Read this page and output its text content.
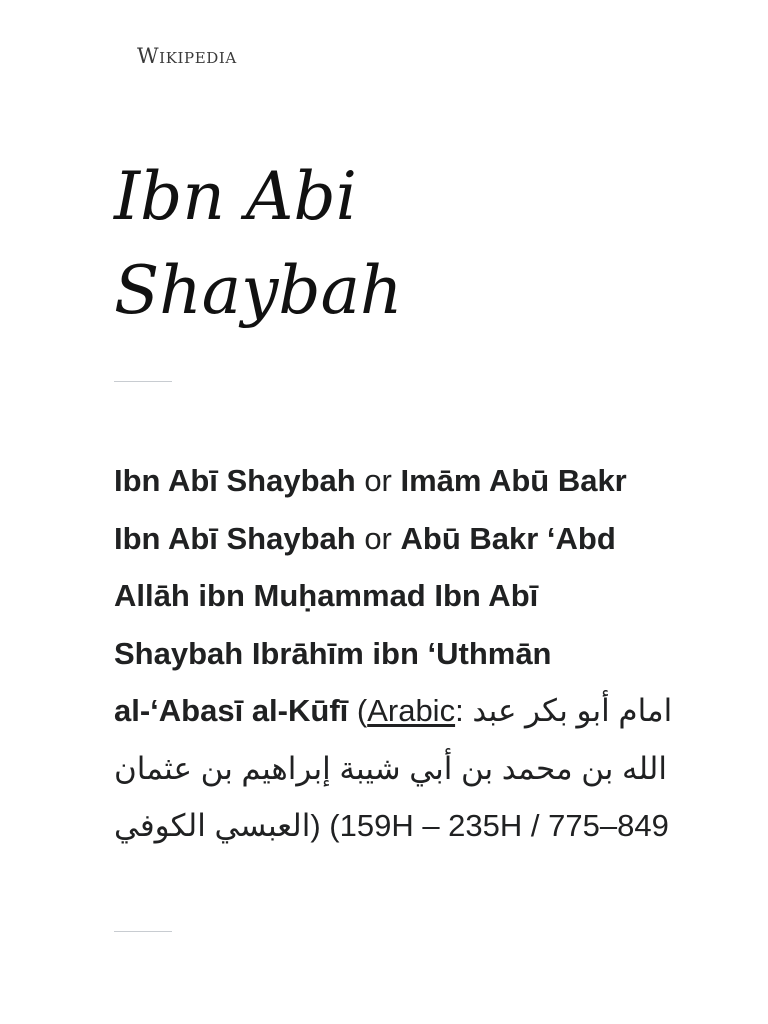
Wikipedia
Ibn Abi
Shaybah

Ibn Abī Shaybah or Imām Abū Bakr Ibn Abī Shaybah or Abū Bakr ‘Abd Allāh ibn Muḥammad Ibn Abī Shaybah Ibrāhīm ibn ‘Uthmān al-‘Abasī al-Kūfī (Arabic: امام أبو بكر عبد الله بن محمد بن أبي شيبة إبراهيم بن عثمان العبسي الكوفي) (159H – 235H / 775–849
